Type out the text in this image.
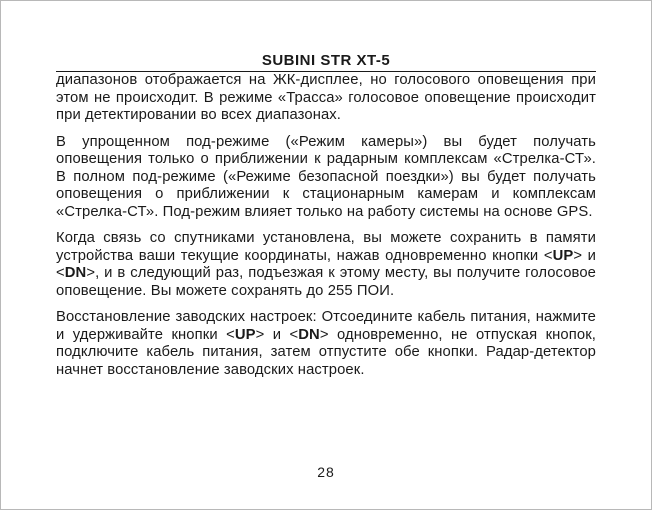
SUBINI STR XT-5

диапазонов отображается на ЖК-дисплее, но голосового оповещения при этом не происходит. В режиме «Трасса» голосовое оповещение происходит при детектировании во всех диапазонах.

В упрощенном под-режиме («Режим камеры») вы будет получать оповещения только о приближении к радарным комплексам «Стрелка-СТ». В полном под-режиме («Режиме безопасной поездки») вы будет получать оповещения о приближении к стационарным камерам и комплексам «Стрелка-СТ». Под-режим влияет только на работу системы на основе GPS.

Когда связь со спутниками установлена, вы можете сохранить в памяти устройства ваши текущие координаты, нажав одновременно кнопки <UP> и <DN>, и в следующий раз, подъезжая к этому месту, вы получите голосовое оповещение. Вы можете сохранять до 255 ПОИ.

Восстановление заводских настроек: Отсоедините кабель питания, нажмите и удерживайте кнопки <UP> и <DN> одновременно, не отпуская кнопок, подключите кабель питания, затем отпустите обе кнопки. Радар-детектор начнет восстановление заводских настроек.

28
